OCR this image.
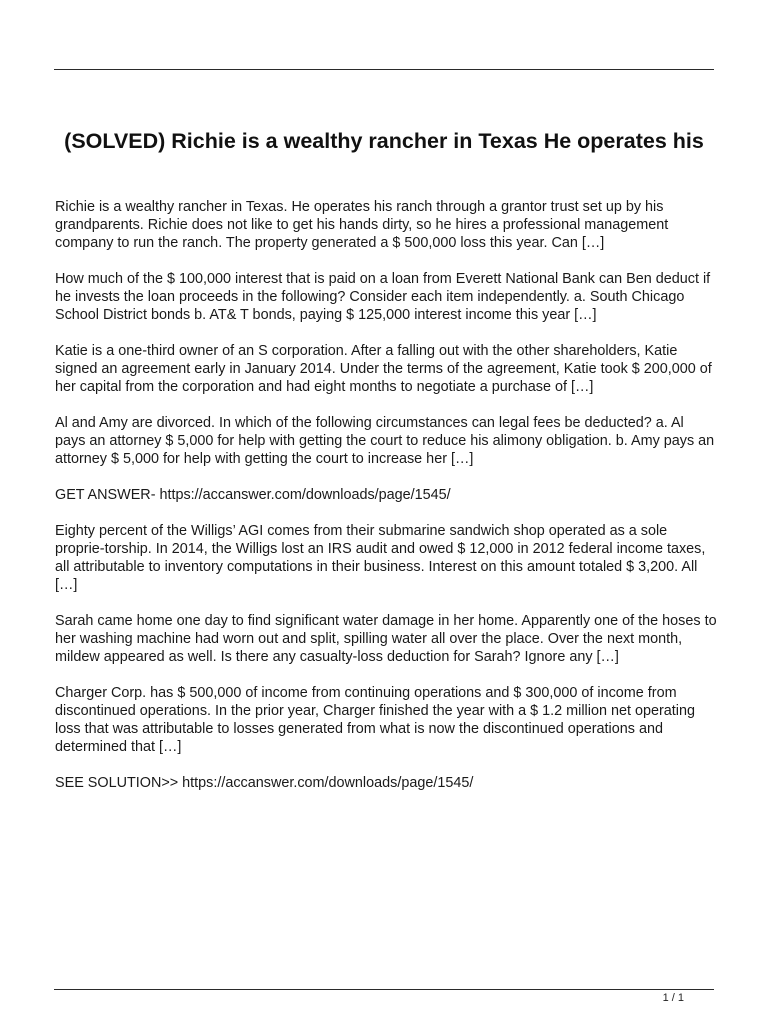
(SOLVED) Richie is a wealthy rancher in Texas He operates his

Richie is a wealthy rancher in Texas. He operates his ranch through a grantor trust set up by his grandparents. Richie does not like to get his hands dirty, so he hires a professional management company to run the ranch. The property generated a $ 500,000 loss this year. Can […]

How much of the $ 100,000 interest that is paid on a loan from Everett National Bank can Ben deduct if he invests the loan proceeds in the following? Consider each item independently. a. South Chicago School District bonds b. AT& T bonds, paying $ 125,000 interest income this year […]

Katie is a one-third owner of an S corporation. After a falling out with the other shareholders, Katie signed an agreement early in January 2014. Under the terms of the agreement, Katie took $ 200,000 of her capital from the corporation and had eight months to negotiate a purchase of […]

Al and Amy are divorced. In which of the following circumstances can legal fees be deducted? a. Al pays an attorney $ 5,000 for help with getting the court to reduce his alimony obligation. b. Amy pays an attorney $ 5,000 for help with getting the court to increase her […]

GET ANSWER- https://accanswer.com/downloads/page/1545/

Eighty percent of the Willigs’ AGI comes from their submarine sandwich shop operated as a sole proprie-torship. In 2014, the Willigs lost an IRS audit and owed $ 12,000 in 2012 federal income taxes, all attributable to inventory computations in their business. Interest on this amount totaled $ 3,200. All […]

Sarah came home one day to find significant water damage in her home. Apparently one of the hoses to her washing machine had worn out and split, spilling water all over the place. Over the next month, mildew appeared as well. Is there any casualty-loss deduction for Sarah? Ignore any […]

Charger Corp. has $ 500,000 of income from continuing operations and $ 300,000 of income from discontinued operations. In the prior year, Charger finished the year with a $ 1.2 million net operating loss that was attributable to losses generated from what is now the discontinued operations and determined that […]

SEE SOLUTION>> https://accanswer.com/downloads/page/1545/

1 / 1
